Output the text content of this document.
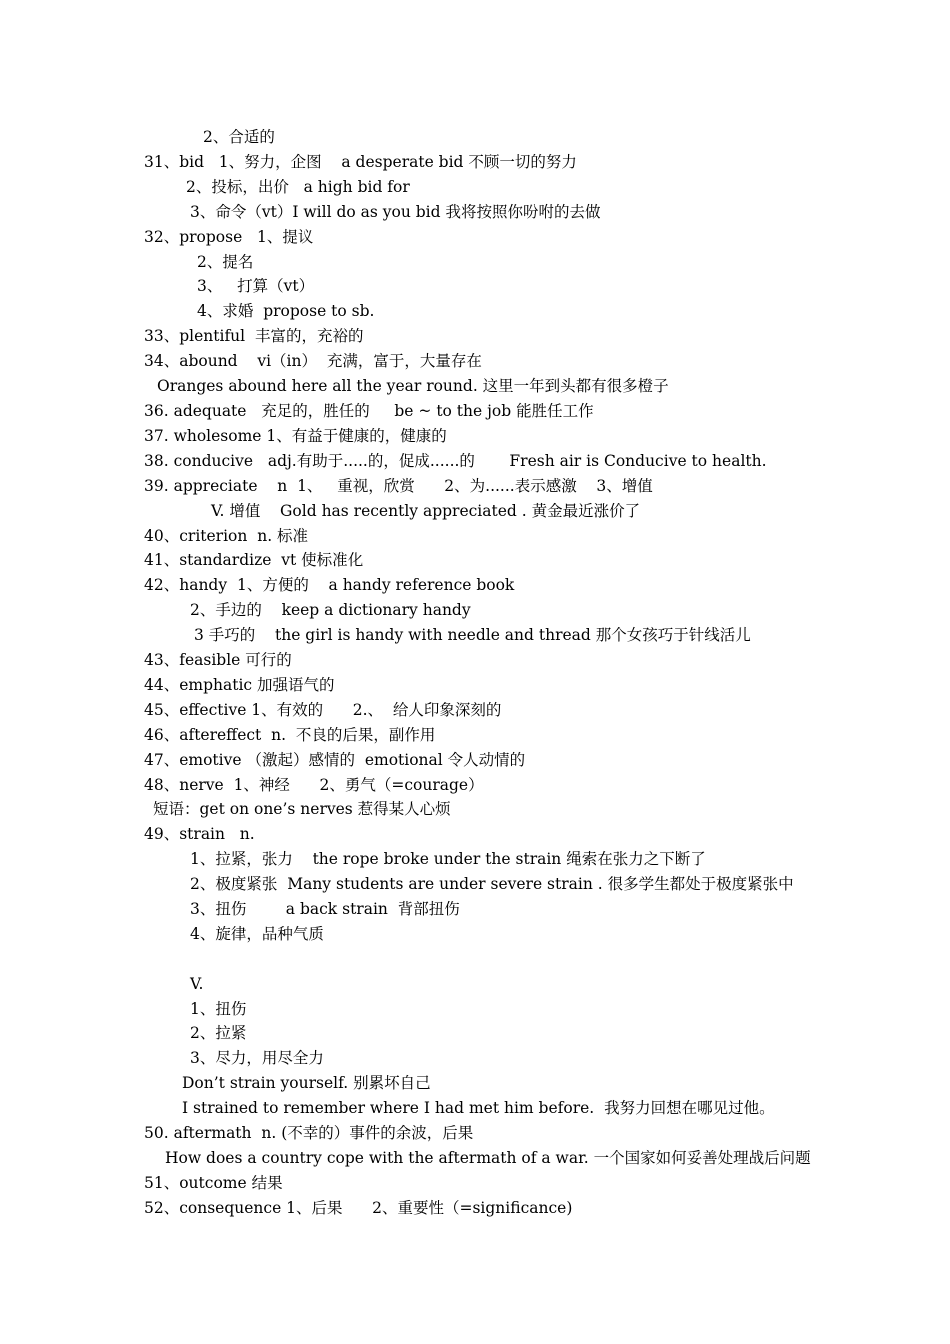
2、合适的
31、bid   1、努力，企图    a desperate bid 不顾一切的努力
2、投标，出价   a high bid for
3、命令（vt）I will do as you bid 我将按照你吩咐的去做
32、propose   1、提议
2、提名
3、   打算（vt）
4、求婚  propose to sb.
33、plentiful  丰富的，充裕的
34、abound    vi（in）  充满，富于，大量存在
Oranges abound here all the year round. 这里一年到头都有很多橙子
36. adequate   充足的，胜任的     be ~ to the job 能胜任工作
37. wholesome 1、有益于健康的，健康的
38. conducive   adj.有助于.....的，促成......的       Fresh air is Conducive to health.
39. appreciate    n  1、   重视，欣赏      2、为......表示感激    3、增值
V. 增值    Gold has recently appreciated . 黄金最近涨价了
40、criterion  n. 标准
41、standardize  vt 使标准化
42、handy  1、方便的    a handy reference book
2、手边的    keep a dictionary handy
3 手巧的    the girl is handy with needle and thread 那个女孩巧于针线活儿
43、feasible 可行的
44、emphatic 加强语气的
45、effective 1、有效的      2.、  给人印象深刻的
46、aftereffect  n.  不良的后果，副作用
47、emotive （激起）感情的  emotional 令人动情的
48、nerve  1、神经      2、勇气（=courage）
短语：get on one’s nerves 惹得某人心烦
49、strain   n.
1、拉紧，张力    the rope broke under the strain 绳索在张力之下断了
2、极度紧张  Many students are under severe strain . 很多学生都处于极度紧张中
3、扭伤        a back strain  背部扭伤
4、旋律，品种气质
V.
1、扭伤
2、拉紧
3、尽力，用尽全力
Don’t strain yourself. 别累坏自己
I strained to remember where I had met him before.  我努力回想在哪见过他。
50. aftermath  n. (不幸的）事件的余波，后果
How does a country cope with the aftermath of a war. 一个国家如何妥善处理战后问题
51、outcome 结果
52、consequence 1、后果      2、重要性（=significance)
